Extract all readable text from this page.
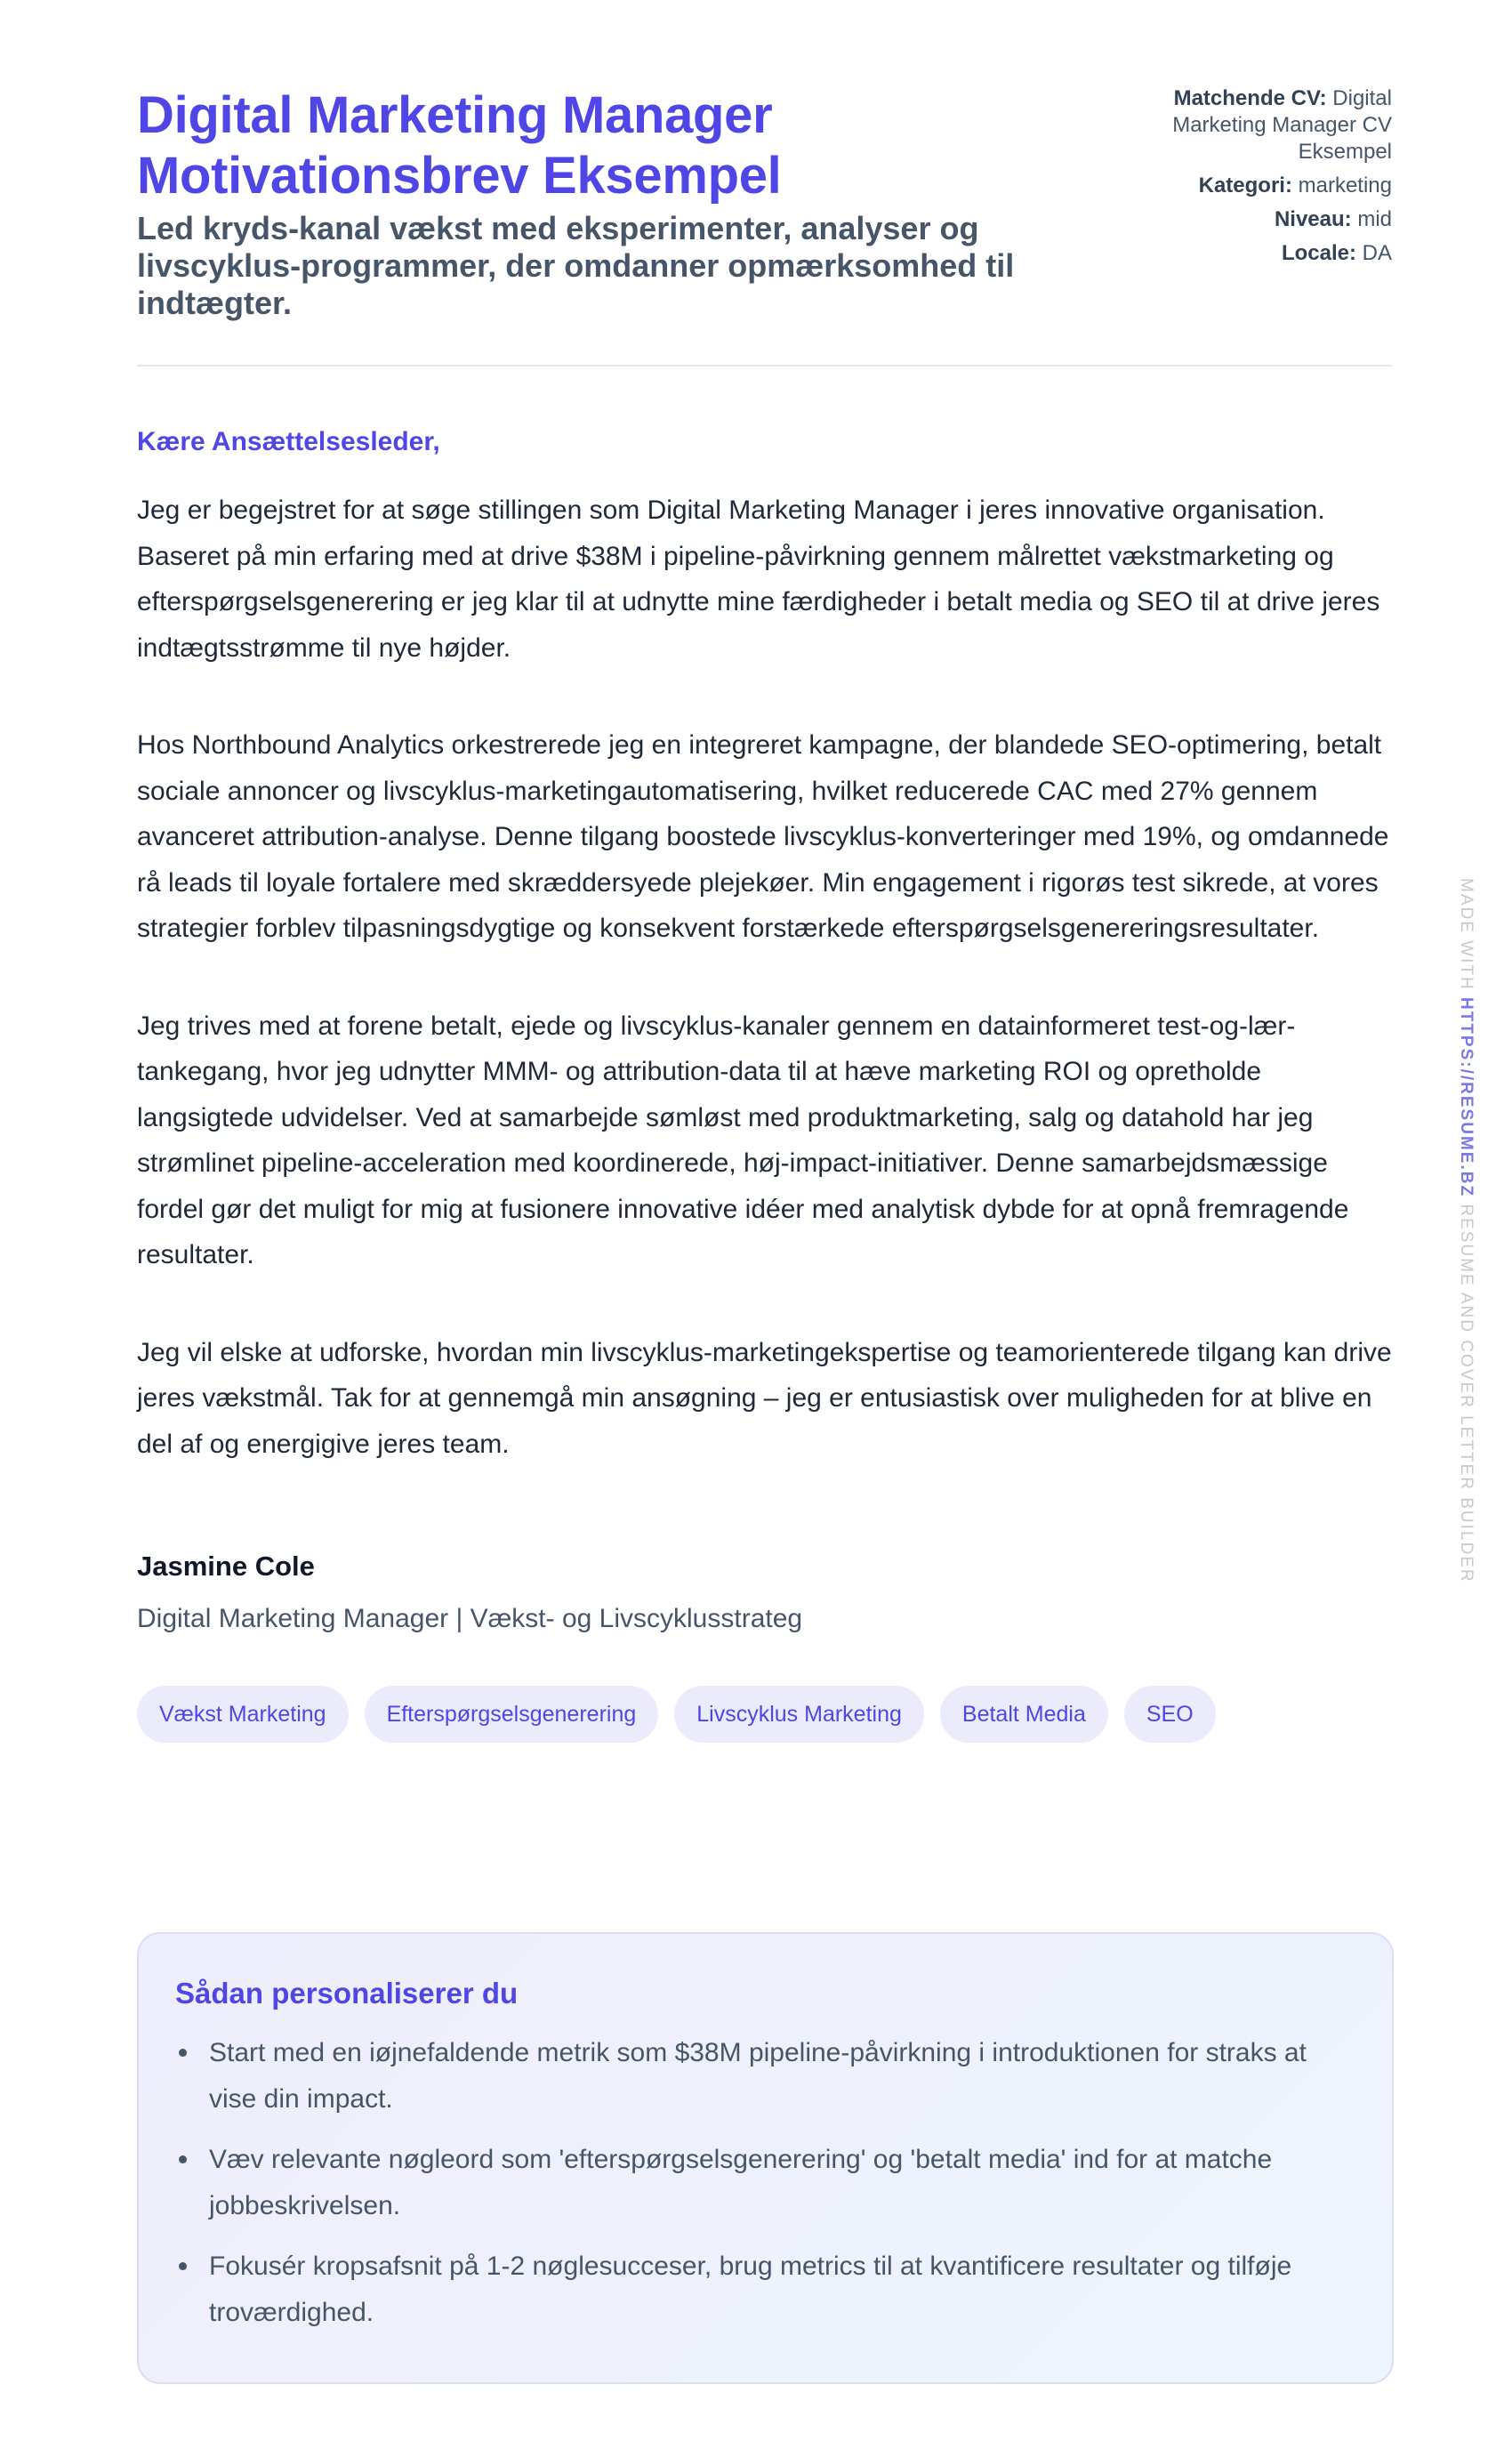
Digital Marketing Manager Motivationsbrev Eksempel

Led kryds-kanal vækst med eksperimenter, analyser og livscyklus-programmer, der omdanner opmærksomhed til indtægter.

Matchende CV: Digital Marketing Manager CV Eksempel
Kategori: marketing
Niveau: mid
Locale: DA

Kære Ansættelsesleder,

Jeg er begejstret for at søge stillingen som Digital Marketing Manager i jeres innovative organisation. Baseret på min erfaring med at drive $38M i pipeline-påvirkning gennem målrettet vækstmarketing og efterspørgselsgenerering er jeg klar til at udnytte mine færdigheder i betalt media og SEO til at drive jeres indtægtsstrømme til nye højder.

Hos Northbound Analytics orkestrerede jeg en integreret kampagne, der blandede SEO-optimering, betalt sociale annoncer og livscyklus-marketingautomatisering, hvilket reducerede CAC med 27% gennem avanceret attribution-analyse. Denne tilgang boostede livscyklus-konverteringer med 19%, og omdannede rå leads til loyale fortalere med skræddersyede plejekøer. Min engagement i rigorøs test sikrede, at vores strategier forblev tilpasningsdygtige og konsekvent forstærkede efterspørgselsgenereringsresultater.

Jeg trives med at forene betalt, ejede og livscyklus-kanaler gennem en datainformeret test-og-lær-tankegang, hvor jeg udnytter MMM- og attribution-data til at hæve marketing ROI og opretholde langsigtede udvidelser. Ved at samarbejde sømløst med produktmarketing, salg og datahold har jeg strømlinet pipeline-acceleration med koordinerede, høj-impact-initiativer. Denne samarbejdsmæssige fordel gør det muligt for mig at fusionere innovative idéer med analytisk dybde for at opnå fremragende resultater.

Jeg vil elske at udforske, hvordan min livscyklus-marketingekspertise og teamorienterede tilgang kan drive jeres vækstmål. Tak for at gennemgå min ansøgning – jeg er entusiastisk over muligheden for at blive en del af og energigive jeres team.

Jasmine Cole
Digital Marketing Manager | Vækst- og Livscyklusstrateg
Vækst Marketing	Efterspørgselsgenerering	Livscyklus Marketing	Betalt Media	SEO
Sådan personaliserer du
Start med en iøjnefaldende metrik som $38M pipeline-påvirkning i introduktionen for straks at vise din impact.
Væv relevante nøgleord som 'efterspørgselsgenerering' og 'betalt media' ind for at matche jobbeskrivelsen.
Fokusér kropsafsnit på 1-2 nøglesucceser, brug metrics til at kvantificere resultater og tilføje troværdighed.
MADE WITH HTTPS://RESUME.BZ RESUME AND COVER LETTER BUILDER
